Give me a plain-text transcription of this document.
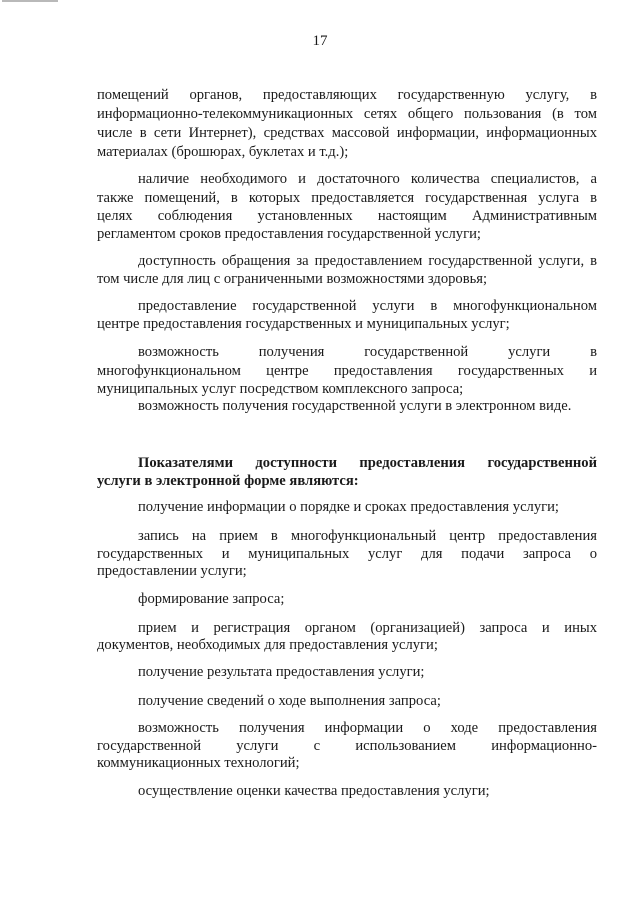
17
помещений органов, предоставляющих государственную услугу, в
информационно-телекоммуникационных сетях общего пользования (в том
числе в сети Интернет), средствах массовой информации, информационных
материалах (брошюрах, буклетах и т.д.);
наличие необходимого и достаточного количества специалистов, а
также помещений, в которых предоставляется государственная услуга в
целях соблюдения установленных настоящим Административным
регламентом сроков предоставления государственной услуги;
доступность обращения за предоставлением государственной услуги, в
том числе для лиц с ограниченными возможностями здоровья;
предоставление государственной услуги в многофункциональном
центре предоставления государственных и муниципальных услуг;
возможность получения государственной услуги в
многофункциональном центре предоставления государственных и
муниципальных услуг посредством комплексного запроса;
возможность получения государственной услуги в электронном виде.
Показателями доступности предоставления государственной
услуги в электронной форме являются:
получение информации о порядке и сроках предоставления услуги;
запись на прием в многофункциональный центр предоставления
государственных и муниципальных услуг для подачи запроса о
предоставлении услуги;
формирование запроса;
прием и регистрация органом (организацией) запроса и иных
документов, необходимых для предоставления услуги;
получение результата предоставления услуги;
получение сведений о ходе выполнения запроса;
возможность получения информации о ходе предоставления
государственной услуги с использованием информационно-
коммуникационных технологий;
осуществление оценки качества предоставления услуги;
